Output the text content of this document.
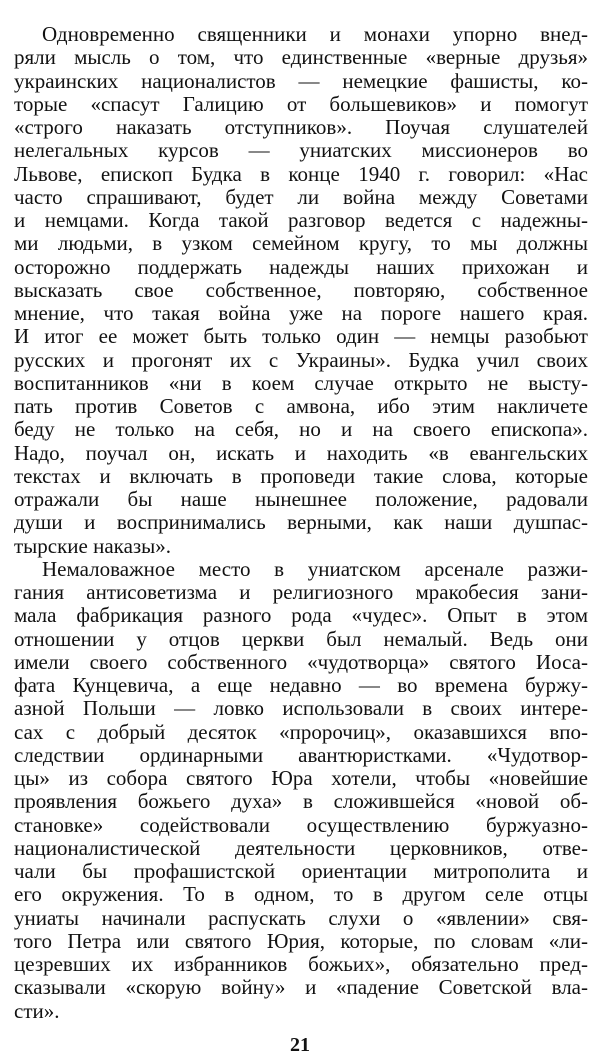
Одновременно священники и монахи упорно внед-
ряли мысль о том, что единственные «верные друзья»
украинских националистов — немецкие фашисты, ко-
торые «спасут Галицию от большевиков» и помогут
«строго наказать отступников». Поучая слушателей
нелегальных курсов — униатских миссионеров во
Львове, епископ Будка в конце 1940 г. говорил: «Нас
часто спрашивают, будет ли война между Советами
и немцами. Когда такой разговор ведется с надежны-
ми людьми, в узком семейном кругу, то мы должны
осторожно поддержать надежды наших прихожан и
высказать свое собственное, повторяю, собственное
мнение, что такая война уже на пороге нашего края.
И итог ее может быть только один — немцы разобьют
русских и прогонят их с Украины». Будка учил своих
воспитанников «ни в коем случае открыто не высту-
пать против Советов с амвона, ибо этим накличете
беду не только на себя, но и на своего епископа».
Надо, поучал он, искать и находить «в евангельских
текстах и включать в проповеди такие слова, которые
отражали бы наше нынешнее положение, радовали
души и воспринимались верными, как наши душпас-
тырские наказы».
Немаловажное место в униатском арсенале разжи-
гания антисоветизма и религиозного мракобесия зани-
мала фабрикация разного рода «чудес». Опыт в этом
отношении у отцов церкви был немалый. Ведь они
имели своего собственного «чудотворца» святого Иоса-
фата Кунцевича, а еще недавно — во времена буржу-
азной Польши — ловко использовали в своих интере-
сах с добрый десяток «пророчиц», оказавшихся впо-
следствии ординарными авантюристками. «Чудотвор-
цы» из собора святого Юра хотели, чтобы «новейшие
проявления божьего духа» в сложившейся «новой об-
становке» содействовали осуществлению буржуазно-
националистической деятельности церковников, отве-
чали бы профашистской ориентации митрополита и
его окружения. То в одном, то в другом селе отцы
униаты начинали распускать слухи о «явлении» свя-
того Петра или святого Юрия, которые, по словам «ли-
цезревших их избранников божьих», обязательно пред-
сказывали «скорую войну» и «падение Советской вла-
сти».
21
